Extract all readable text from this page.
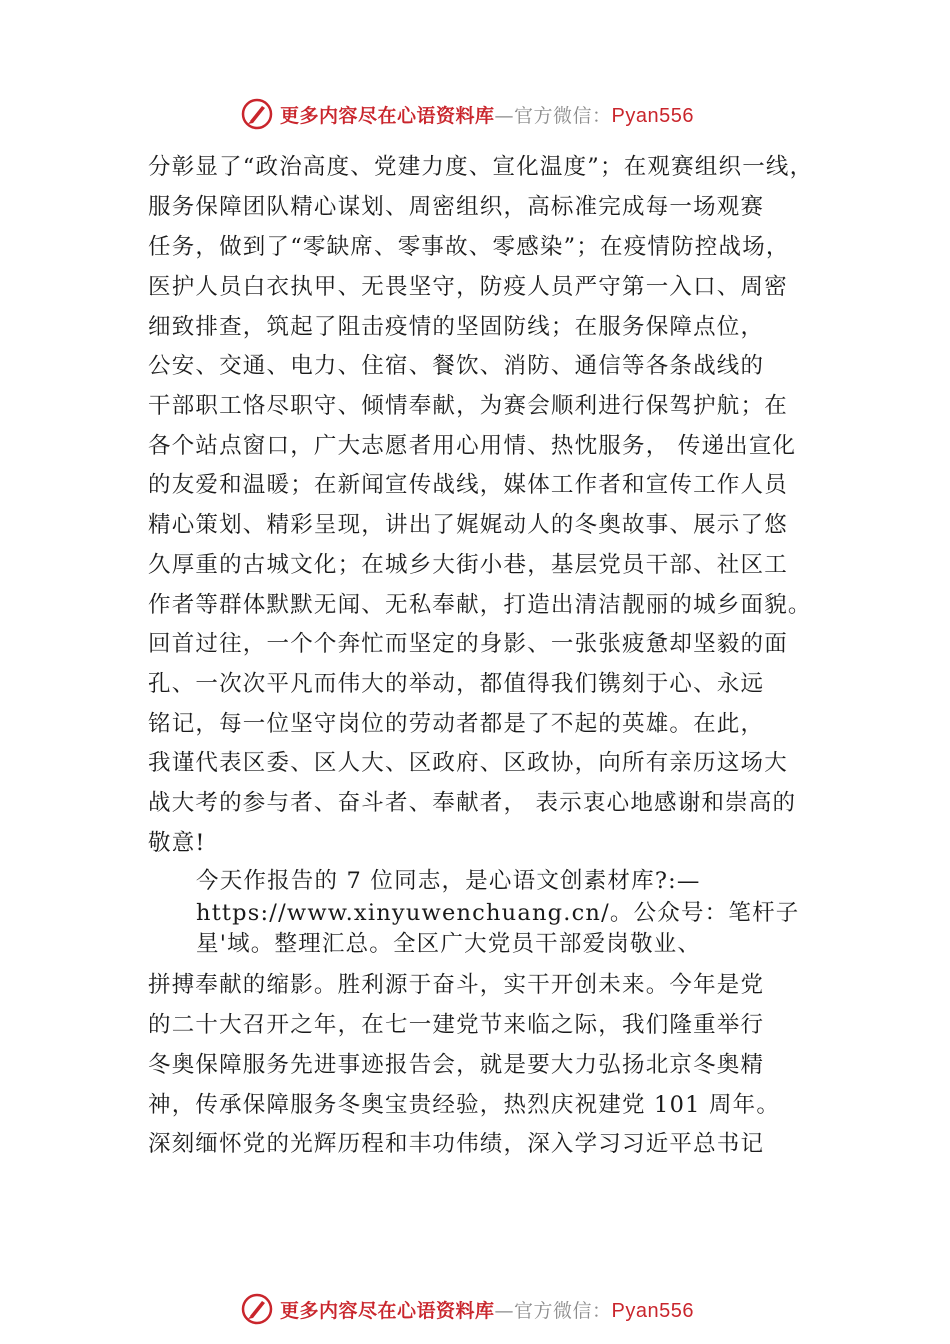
更多内容尽在心语资料库—官方微信：Pyan556
分彰显了“政治高度、党建力度、宣化温度”；在观赛组织一线，
服务保障团队精心谋划、周密组织，高标准完成每一场观赛
任务，做到了“零缺席、零事故、零感染”；在疫情防控战场，
医护人员白衣执甲、无畏坚守，防疫人员严守第一入口、周密
细致排查，筑起了阻击疫情的坚固防线；在服务保障点位，
公安、交通、电力、住宿、餐饮、消防、通信等各条战线的
干部职工恪尽职守、倾情奉献，为赛会顺利进行保驾护航；在
各个站点窗口，广大志愿者用心用情、热忱服务， 传递出宣化
的友爱和温暖；在新闻宣传战线，媒体工作者和宣传工作人员
精心策划、精彩呈现，讲出了娓娓动人的冬奥故事、展示了悠
久厚重的古城文化；在城乡大街小巷，基层党员干部、社区工
作者等群体默默无闻、无私奉献，打造出清洁靓丽的城乡面貌。
回首过往，一个个奔忙而坚定的身影、一张张疲惫却坚毅的面
孔、一次次平凡而伟大的举动，都值得我们镌刻于心、永远
铭记，每一位坚守岗位的劳动者都是了不起的英雄。在此，
我谨代表区委、区人大、区政府、区政协，向所有亲历这场大
战大考的参与者、奋斗者、奉献者， 表示衷心地感谢和崇高的
敬意!
今天作报告的 7 位同志，是心语文创素材库?:—
https://www.xinyuwenchuang.cn/。公众号：笔杆子
星'域。整理汇总。全区广大党员干部爱岗敬业、
拼搏奉献的缩影。胜利源于奋斗，实干开创未来。今年是党
的二十大召开之年，在七一建党节来临之际，我们隆重举行
冬奥保障服务先进事迹报告会，就是要大力弘扬北京冬奥精
神，传承保障服务冬奥宝贵经验，热烈庆祝建党 101 周年。
深刻缅怀党的光辉历程和丰功伟绩，深入学习习近平总书记
更多内容尽在心语资料库—官方微信：Pyan556
